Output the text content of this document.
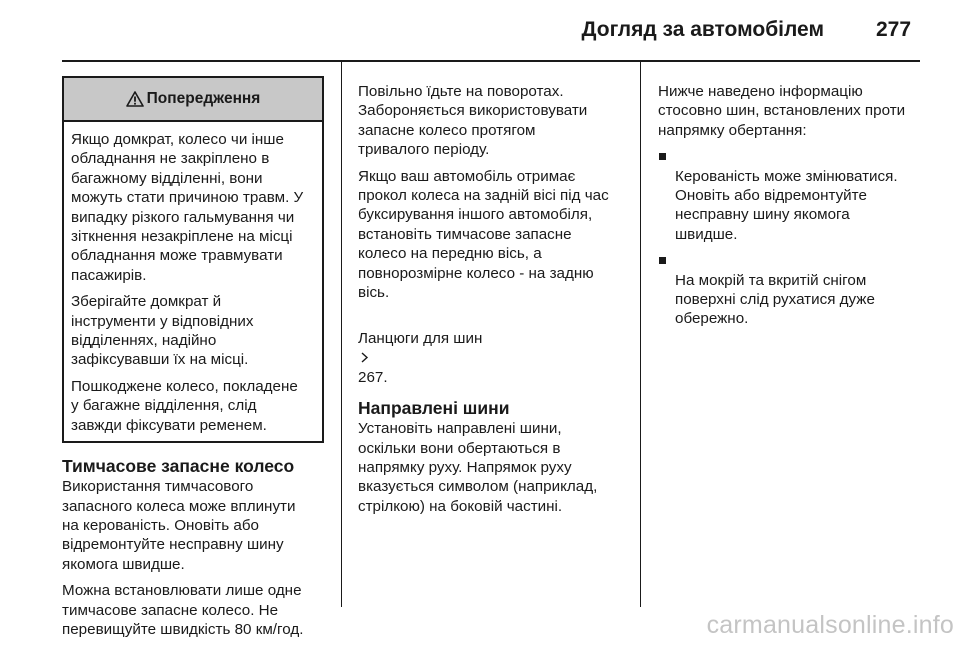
Догляд за автомобілем 277
Попередження

Якщо домкрат, колесо чи інше
обладнання не закріплено в
багажному відділенні, вони
можуть стати причиною травм. У
випадку різкого гальмування чи
зіткнення незакріплене на місці
обладнання може травмувати
пасажирів.

Зберігайте домкрат й
інструменти у відповідних
відділеннях, надійно
зафіксувавши їх на місці.

Пошкоджене колесо, покладене
у багажне відділення, слід
завжди фіксувати ременем.

Тимчасове запасне колесо

Використання тимчасового
запасного колеса може вплинути
на керованість. Оновіть або
відремонтуйте несправну шину
якомога швидше.

Можна встановлювати лише одне
тимчасове запасне колесо. Не
перевищуйте швидкість 80 км/год.

Повільно їдьте на поворотах.
Забороняється використовувати
запасне колесо протягом
тривалого періоду.

Якщо ваш автомобіль отримає
прокол колеса на задній вісі під час
буксирування іншого автомобіля,
встановіть тимчасове запасне
колесо на передню вісь, а
повнорозмірне колесо - на задню
вісь.

Ланцюги для шин

267.

Направлені шини

Установіть направлені шини,
оскільки вони обертаються в
напрямку руху. Напрямок руху
вказується символом (наприклад,
стрілкою) на боковій частині.

Нижче наведено інформацію
стосовно шин, встановлених проти
напрямку обертання:

Керованість може змінюватися.
Оновіть або відремонтуйте
несправну шину якомога
швидше.

На мокрій та вкритій снігом
поверхні слід рухатися дуже
обережно.

carmanualsonline.info
